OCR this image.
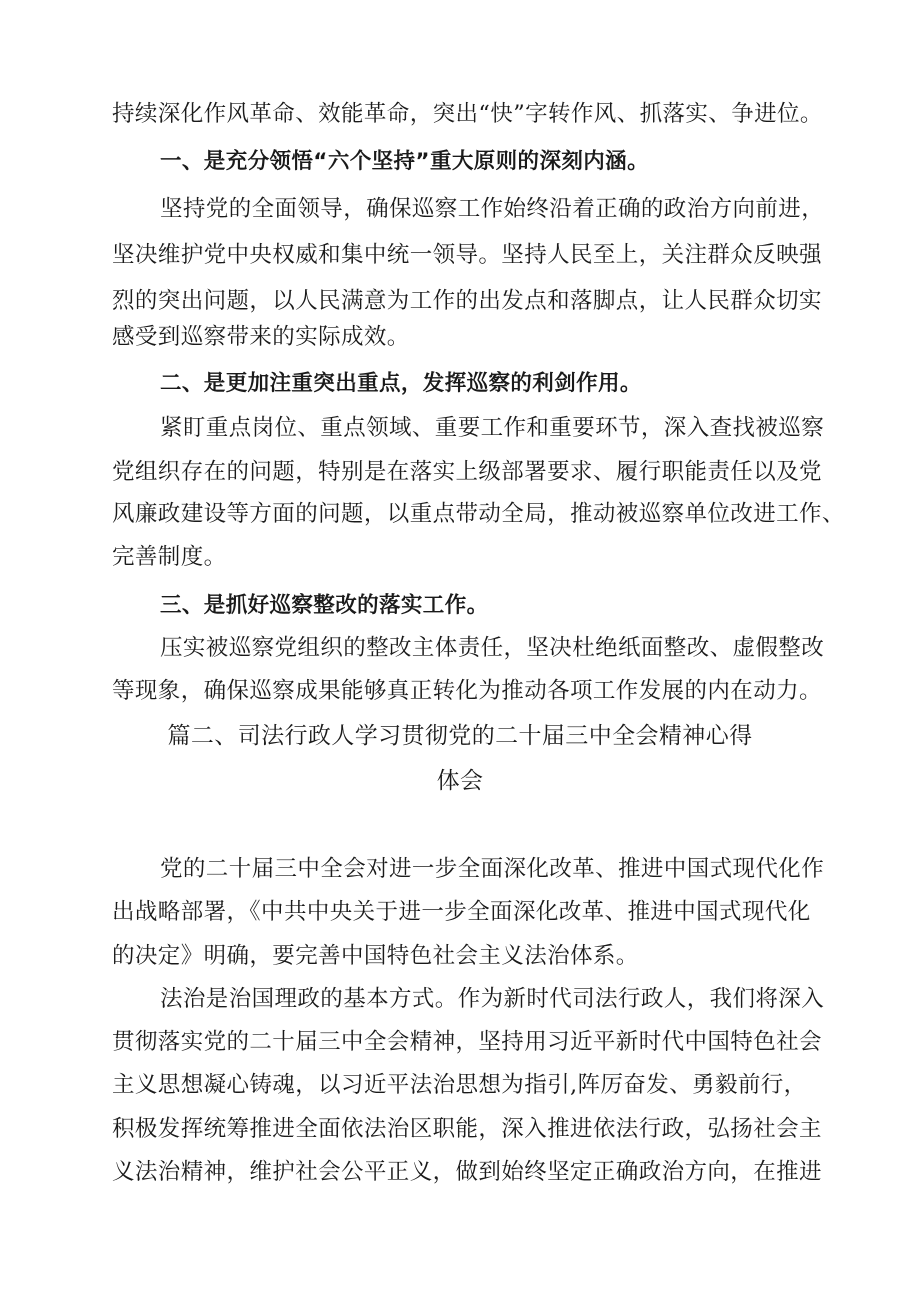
持续深化作风革命、效能革命，突出“快”字转作风、抓落实、争进位。
一、是充分领悟“六个坚持”重大原则的深刻内涵。
坚持党的全面领导，确保巡察工作始终沿着正确的政治方向前进，
坚决维护党中央权威和集中统一领导。坚持人民至上，关注群众反映强
烈的突出问题，以人民满意为工作的出发点和落脚点，让人民群众切实
感受到巡察带来的实际成效。
二、是更加注重突出重点，发挥巡察的利剑作用。
紧盯重点岗位、重点领域、重要工作和重要环节，深入查找被巡察
党组织存在的问题，特别是在落实上级部署要求、履行职能责任以及党
风廉政建设等方面的问题，以重点带动全局，推动被巡察单位改进工作、
完善制度。
三、是抓好巡察整改的落实工作。
压实被巡察党组织的整改主体责任，坚决杜绝纸面整改、虚假整改
等现象，确保巡察成果能够真正转化为推动各项工作发展的内在动力。
篇二、司法行政人学习贯彻党的二十届三中全会精神心得
体会
党的二十届三中全会对进一步全面深化改革、推进中国式现代化作
出战略部署，《中共中央关于进一步全面深化改革、推进中国式现代化
的决定》明确，要完善中国特色社会主义法治体系。
法治是治国理政的基本方式。作为新时代司法行政人，我们将深入
贯彻落实党的二十届三中全会精神，坚持用习近平新时代中国特色社会
主义思想凝心铸魂，以习近平法治思想为指引,阵厉奋发、勇毅前行，
积极发挥统筹推进全面依法治区职能，深入推进依法行政，弘扬社会主
义法治精神，维护社会公平正义，做到始终坚定正确政治方向，在推进
